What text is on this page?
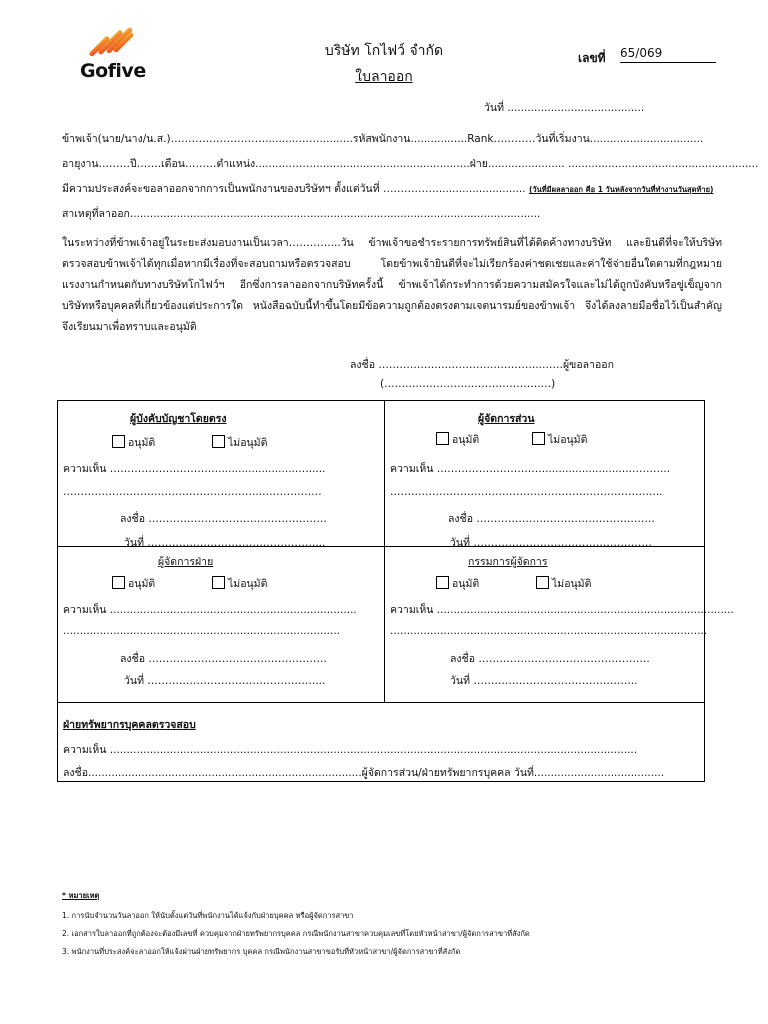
Gofive
บริษัท โกไฟว์ จำกัด
ใบลาออก
เลขที่ 65/069
วันที่ .........................................
ข้าพเจ้า(นาย/นาง/น.ส.)………………………..........……..........รหัสพนักงาน.................Rank…………วันที่เริ่มงาน..................................
อายุงาน………ปี…….เดือน………ตำแหน่ง...........……...............................................ฝ่าย....................... .........................................................
มีความประสงค์จะขอลาออกจากการเป็นพนักงานของบริษัทฯ ตั้งแต่วันที่ ……………........................... (วันที่มีผลลาออก คือ 1 วันหลังจากวันที่ทำงานวันสุดท้าย)
สาเหตุที่ลาออก...........................................................................................................................
ในระหว่างที่ข้าพเจ้าอยู่ในระยะส่งมอบงานเป็นเวลา…………...วัน ข้าพเจ้าขอชำระรายการทรัพย์สินที่ได้ติดค้างทางบริษัท และยินดีที่จะให้บริษัทตรวจสอบข้าพเจ้าได้ทุกเมื่อหากมีเรื่องที่จะสอบถามหรือตรวจสอบ โดยข้าพเจ้ายินดีที่จะไม่เรียกร้องค่าชดเชยและค่าใช้จ่ายอื่นใดตามที่กฎหมายแรงงานกำหนดกับทางบริษัทโกไฟว์ฯ อีกซึ่งการลาออกจากบริษัทครั้งนี้ ข้าพเจ้าได้กระทำการด้วยความสมัครใจและไม่ได้ถูกบังคับหรือขู่เข็ญจากบริษัทหรือบุคคลที่เกี่ยวข้องแต่ประการใด หนังสือฉบับนี้ทำขึ้นโดยมีข้อความถูกต้องตรงตามเจตนารมย์ของข้าพเจ้า จึงได้ลงลายมือชื่อไว้เป็นสำคัญ จึงเรียนมาเพื่อทราบและอนุมัติ
ลงชื่อ …………….….………….…………..……ผู้ขอลาออก
(…….….……..…….……………….…)
ผู้บังคับบัญชาโดยตรง
อนุมัติ	ไม่อนุมัติ
ความเห็น ………………………….........................….....
………………………………………………..………………
ลงชื่อ ……………………………………………
วันที่ …………………………………………...
ผู้จัดการส่วน
อนุมัติ	ไม่อนุมัติ
ความเห็น …………………………..........................………...
…………………………………………………………………...
ลงชื่อ ……………………………………………
วันที่ ……………………………………………
ผู้จัดการฝ่าย
อนุมัติ	ไม่อนุมัติ
ความเห็น ..........................................................................
...................................................................................
ลงชื่อ ……………………………………………
วันที่ …………………………………………...
กรรมการผู้จัดการ
อนุมัติ	ไม่อนุมัติ
ความเห็น .........................................................................................
...............................................................................................
ลงชื่อ ………………………………………….
วันที่ ………………………………………..
ฝ่ายทรัพยากรบุคคลตรวจสอบ
ความเห็น ..............................................................................................................................................................
ลงชื่อ..................................................................................ผู้จัดการส่วน/ฝ่ายทรัพยากรบุคคล วันที่.......................................
* หมายเหตุ
1. การนับจำนวนวันลาออก ให้นับตั้งแต่วันที่พนักงานได้แจ้งกับฝ่ายบุคคล หรือผู้จัดการสาขา
2. เอกสารใบลาออกที่ถูกต้องจะต้องมีเลขที่ ควบคุมจากฝ่ายทรัพยากรบุคคล กรณีพนักงานสาขาควบคุมเลขที่โดยหัวหน้าสาขา/ผู้จัดการสาขาที่สังกัด
3. พนักงานที่ประสงค์จะลาออกให้แจ้งผ่านฝ่ายทรัพยากร บุคคล กรณีพนักงานสาขาขอรับที่หัวหน้าสาขา/ผู้จัดการสาขาที่สังกัด
